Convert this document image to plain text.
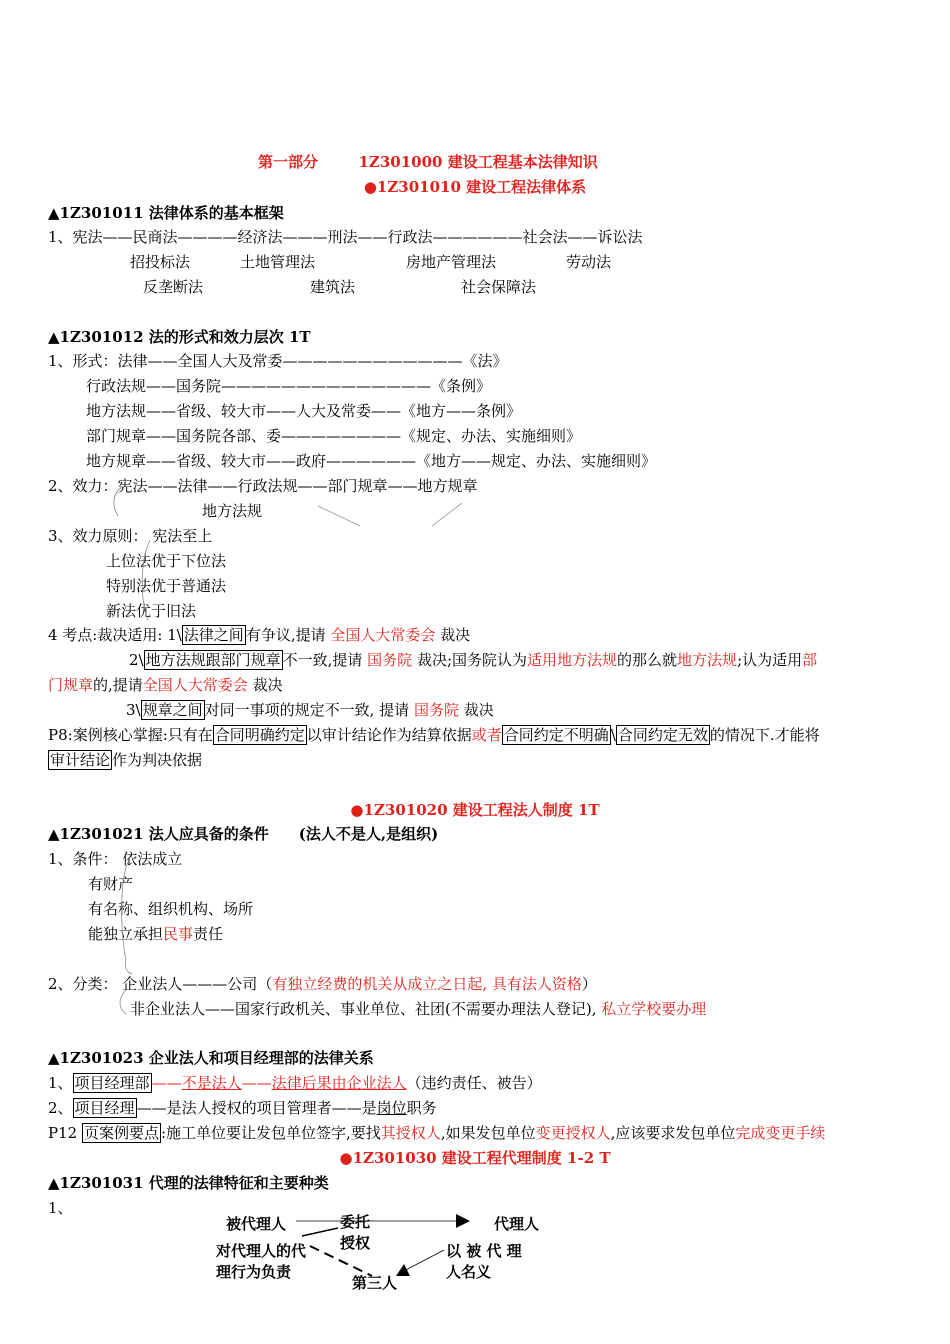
第一部分	1Z301000 建设工程基本法律知识
●1Z301010 建设工程法律体系
▲1Z301011 法律体系的基本框架
1、宪法——民商法————经济法———刑法——行政法——————社会法——诉讼法
招投标法	土地管理法	房地产管理法	劳动法
反垄断法	建筑法	社会保障法
▲1Z301012 法的形式和效力层次 1T
1、形式：法律——全国人大及常委————————————《法》
行政法规——国务院——————————————《条例》
地方法规——省级、较大市——人大及常委——《地方——条例》
部门规章——国务院各部、委————————《规定、办法、实施细则》
地方规章——省级、较大市——政府——————《地方——规定、办法、实施细则》
2、效力：宪法——法律——行政法规——部门规章——地方规章
地方法规
3、效力原则： 宪法至上
上位法优于下位法
特别法优于普通法
新法优于旧法
4 考点:裁决适用: 1\ 法律之间 有争议,提请 全国人大常委会 裁决
2\ 地方法规跟部门规章 不一致,提请 国务院 裁决;国务院认为适用地方法规的那么就地方法规;认为适用部
门规章的,提请全国人大常委会 裁决
3\ 规章之间 对同一事项的规定不一致, 提请 国务院 裁决
P8:案例核心掌握:只有在 合同明确约定 以审计结论作为结算依据或者 合同约定不明确 \ 合同约定无效 的情况下.才能将
审计结论 作为判决依据
●1Z301020 建设工程法人制度 1T
▲1Z301021 法人应具备的条件 (法人不是人,是组织)
1、条件： 依法成立
有财产
有名称、组织机构、场所
能独立承担民事责任
2、分类： 企业法人———公司（有独立经费的机关从成立之日起, 具有法人资格）
非企业法人——国家行政机关、事业单位、社团(不需要办理法人登记), 私立学校要办理
▲1Z301023 企业法人和项目经理部的法律关系
1、 项目经理部 ——不是法人——法律后果由企业法人（违约责任、被告）
2、 项目经理 ——是法人授权的项目管理者——是岗位职务
P12 页案例要点 :施工单位要让发包单位签字,要找其授权人,如果发包单位变更授权人,应该要求发包单位完成变更手续
●1Z301030 建设工程代理制度 1-2 T
▲1Z301031 代理的法律特征和主要种类
1、
被代理人	委托
授权
代理人
对代理人的代
理行为负责
以 被 代 理
人名义
第三人
